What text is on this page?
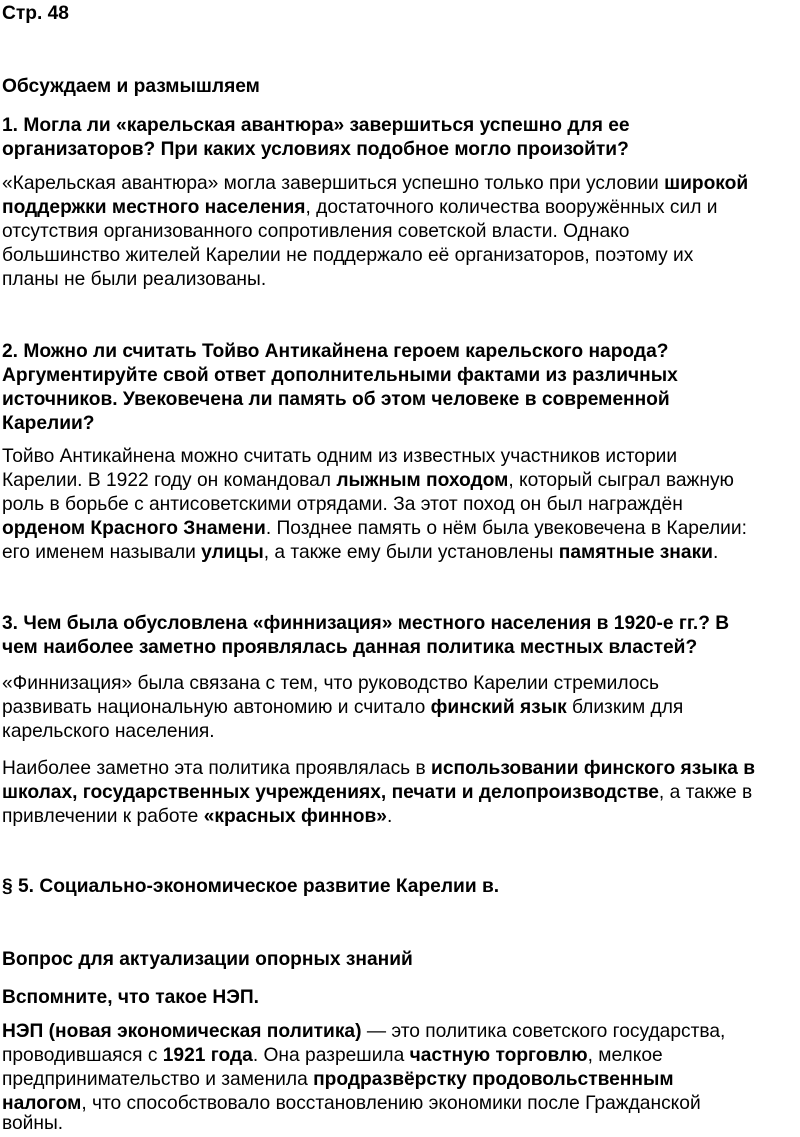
Стр. 48

Обсуждаем и размышляем

1. Могла ли «карельская авантюра» завершиться успешно для ее

организаторов? При каких условиях подобное могло произойти?

«Карельская авантюра» могла завершиться успешно только при условии широкой

поддержки местного населения, достаточного количества вооружённых сил и

отсутствия организованного сопротивления советской власти. Однако

большинство жителей Карелии не поддержало её организаторов, поэтому их

планы не были реализованы.

2. Можно ли считать Тойво Антикайнена героем карельского народа?

Аргументируйте свой ответ дополнительными фактами из различных

источников. Увековечена ли память об этом человеке в современной

Карелии?

Тойво Антикайнена можно считать одним из известных участников истории

Карелии. В 1922 году он командовал лыжным походом, который сыграл важную

роль в борьбе с антисоветскими отрядами. За этот поход он был награждён

орденом Красного Знамени. Позднее память о нём была увековечена в Карелии:

его именем называли улицы, а также ему были установлены памятные знаки.

3. Чем была обусловлена «финнизация» местного населения в 1920-е гг.? В

чем наиболее заметно проявлялась данная политика местных властей?

«Финнизация» была связана с тем, что руководство Карелии стремилось

развивать национальную автономию и считало финский язык близким для

карельского населения.

Наиболее заметно эта политика проявлялась в использовании финского языка в

школах, государственных учреждениях, печати и делопроизводстве, а также в

привлечении к работе «красных финнов».

§ 5. Социально-экономическое развитие Карелии в.

Вопрос для актуализации опорных знаний

Вспомните, что такое НЭП.

НЭП (новая экономическая политика) — это политика советского государства,

проводившаяся с 1921 года. Она разрешила частную торговлю, мелкое

предпринимательство и заменила продразвёрстку продовольственным

налогом, что способствовало восстановлению экономики после Гражданской

войны.
